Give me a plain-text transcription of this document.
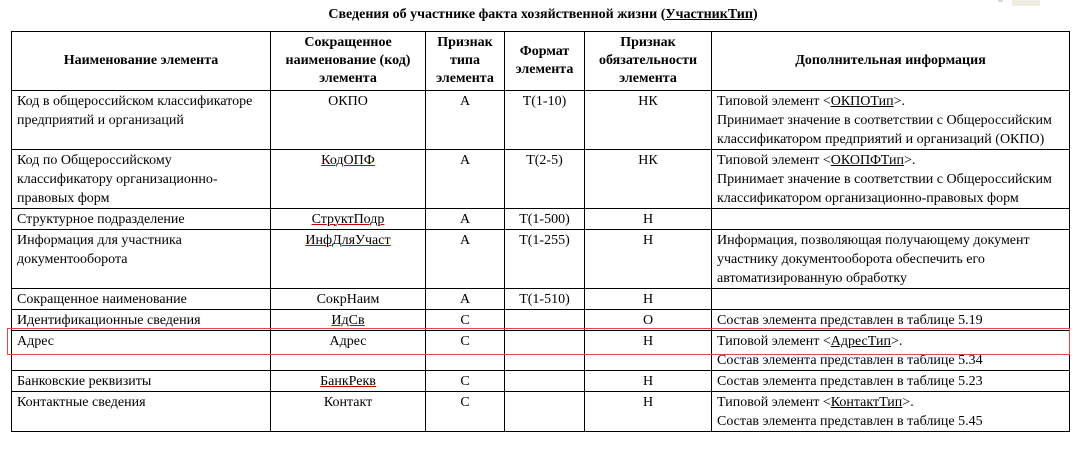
Сведения об участнике факта хозяйственной жизни (УчастникТип)
Наименование элемента	Сокращенное наименование (код) элемента	Признак типа элемента	Формат элемента	Признак обязательности элемента	Дополнительная информация
Код в общероссийском классификаторе предприятий и организаций	ОКПО	А	T(1-10)	НК	Типовой элемент <ОКПОТип>.
Принимает значение в соответствии с Общероссийским классификатором предприятий и организаций (ОКПО)
Код по Общероссийскому классификатору организационно-правовых форм	КодОПФ	А	T(2-5)	НК	Типовой элемент <ОКОПФТип>.
Принимает значение в соответствии с Общероссийским классификатором организационно-правовых форм
Структурное подразделение	СтруктПодр	А	T(1-500)	Н	
Информация для участника документооборота	ИнфДляУчаст	А	T(1-255)	Н	Информация, позволяющая получающему документ участнику документооборота обеспечить его автоматизированную обработку
Сокращенное наименование	СокрНаим	А	T(1-510)	Н	
Идентификационные сведения	ИдСв	С		О	Состав элемента представлен в таблице 5.19
Адрес	Адрес	С		Н	Типовой элемент <АдресТип>.
Состав элемента представлен в таблице 5.34
Банковские реквизиты	БанкРекв	С		Н	Состав элемента представлен в таблице 5.23
Контактные сведения	Контакт	С		Н	Типовой элемент <КонтактТип>.
Состав элемента представлен в таблице 5.45
